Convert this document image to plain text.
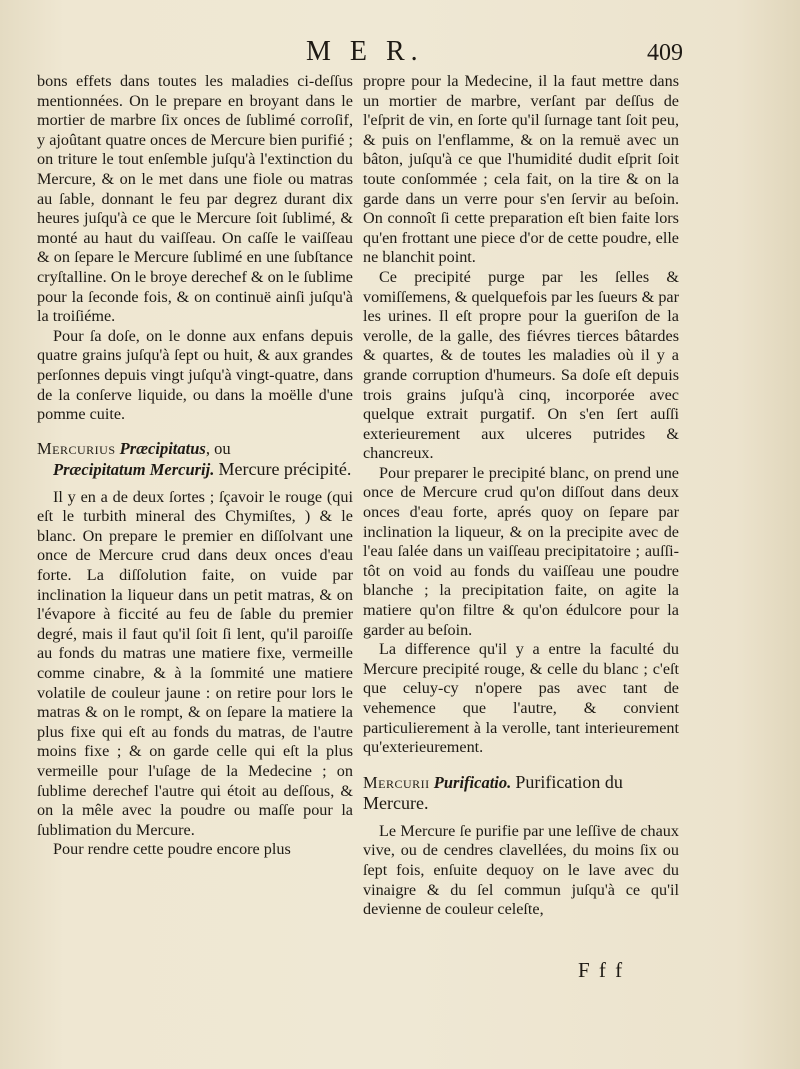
M E R.	409

bons effets dans toutes les maladies ci-deſſus mentionnées. On le prepare en broyant dans le mortier de marbre ſix onces de ſublimé corroſif, y ajoûtant quatre onces de Mercure bien purifié ; on triture le tout enſemble juſqu'à l'extinction du Mercure, & on le met dans une fiole ou matras au ſable, donnant le feu par degrez durant dix heures juſqu'à ce que le Mercure ſoit ſublimé, & monté au haut du vaiſſeau. On caſſe le vaiſſeau & on ſepare le Mercure ſublimé en une ſubſtance cryſtalline. On le broye derechef & on le ſublime pour la ſeconde fois, & on continuë ainſi juſqu'à la troiſiéme.

Pour ſa doſe, on le donne aux enfans depuis quatre grains juſqu'à ſept ou huit, & aux grandes perſonnes depuis vingt juſqu'à vingt-quatre, dans de la conſerve liquide, ou dans la moëlle d'une pomme cuite.

Mercurius Præcipitatus, ou
Præcipitatum Mercurij. Mercure précipité.

Il y en a de deux ſortes ; ſçavoir le rouge (qui eſt le turbith mineral des Chymiſtes, ) & le blanc. On prepare le premier en diſſolvant une once de Mercure crud dans deux onces d'eau forte. La diſſolution faite, on vuide par inclination la liqueur dans un petit matras, & on l'évapore à ficcité au feu de ſable du premier degré, mais il faut qu'il ſoit ſi lent, qu'il paroiſſe au fonds du matras une matiere fixe, vermeille comme cinabre, & à la ſommité une matiere volatile de couleur jaune : on retire pour lors le matras & on le rompt, & on ſepare la matiere la plus fixe qui eſt au fonds du matras, de l'autre moins fixe ; & on garde celle qui eſt la plus vermeille pour l'uſage de la Medecine ; on ſublime derechef l'autre qui étoit au deſſous, & on la mêle avec la poudre ou maſſe pour la ſublimation du Mercure.

Pour rendre cette poudre encore plus

propre pour la Medecine, il la faut mettre dans un mortier de marbre, verſant par deſſus de l'eſprit de vin, en ſorte qu'il ſurnage tant ſoit peu, & puis on l'enflamme, & on la remuë avec un bâton, juſqu'à ce que l'humidité dudit eſprit ſoit toute conſommée ; cela fait, on la tire & on la garde dans un verre pour s'en ſervir au beſoin. On connoît ſi cette preparation eſt bien faite lors qu'en frottant une piece d'or de cette poudre, elle ne blanchit point.

Ce precipité purge par les ſelles & vomiſſemens, & quelquefois par les ſueurs & par les urines. Il eſt propre pour la gueriſon de la verolle, de la galle, des fiévres tierces bâtardes & quartes, & de toutes les maladies où il y a grande corruption d'humeurs. Sa doſe eſt depuis trois grains juſqu'à cinq, incorporée avec quelque extrait purgatif. On s'en ſert auſſi exterieurement aux ulceres putrides & chancreux.

Pour preparer le precipité blanc, on prend une once de Mercure crud qu'on diſſout dans deux onces d'eau forte, aprés quoy on ſepare par inclination la liqueur, & on la precipite avec de l'eau ſalée dans un vaiſſeau precipitatoire ; auſſi-tôt on void au fonds du vaiſſeau une poudre blanche ; la precipitation faite, on agite la matiere qu'on filtre & qu'on édulcore pour la garder au beſoin.

La difference qu'il y a entre la faculté du Mercure precipité rouge, & celle du blanc ; c'eſt que celuy-cy n'opere pas avec tant de vehemence que l'autre, & convient particulierement à la verolle, tant interieurement qu'exterieurement.

Mercurii Purificatio. Purification du Mercure.

Le Mercure ſe purifie par une leſſive de chaux vive, ou de cendres clavellées, du moins ſix ou ſept fois, enſuite dequoy on le lave avec du vinaigre & du ſel commun juſqu'à ce qu'il devienne de couleur celeſte,

F f f
